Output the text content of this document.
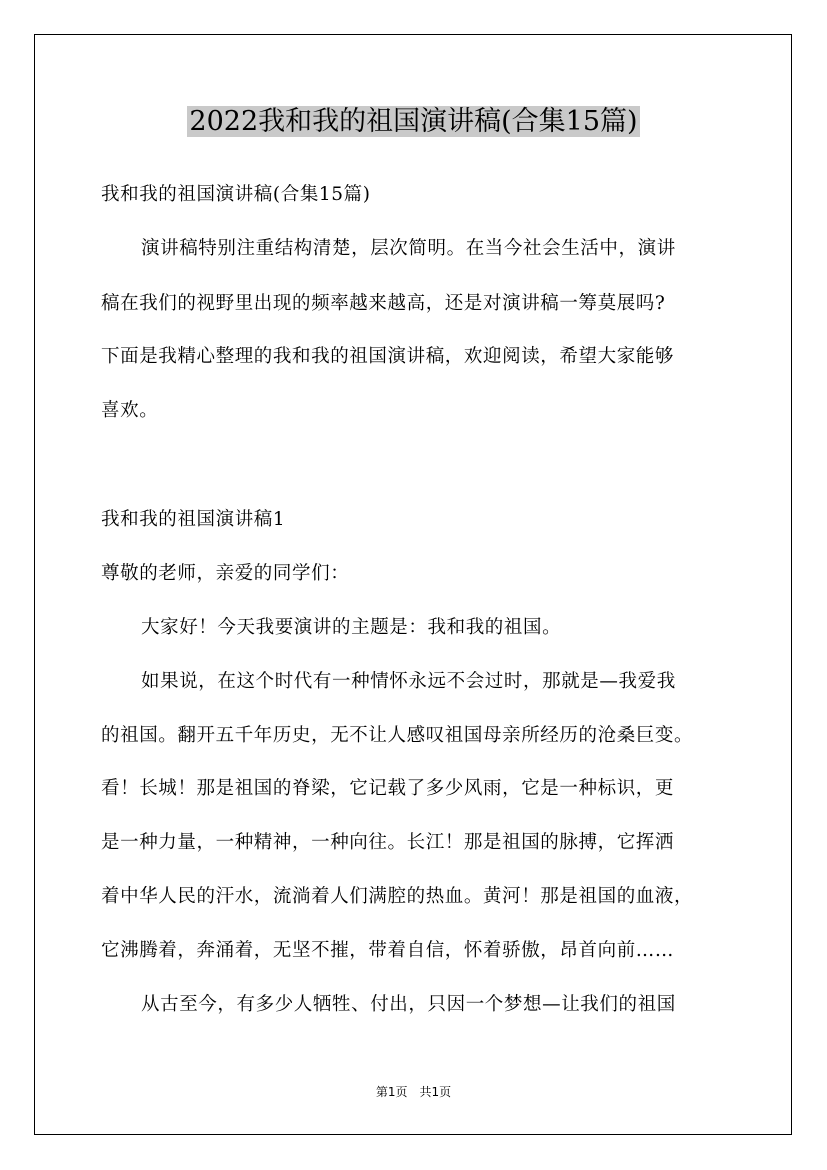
2022我和我的祖国演讲稿(合集15篇)
我和我的祖国演讲稿(合集15篇)
演讲稿特别注重结构清楚，层次简明。在当今社会生活中，演讲
稿在我们的视野里出现的频率越来越高，还是对演讲稿一筹莫展吗?
下面是我精心整理的我和我的祖国演讲稿，欢迎阅读，希望大家能够
喜欢。
我和我的祖国演讲稿1
尊敬的老师，亲爱的同学们：
大家好！今天我要演讲的主题是：我和我的祖国。
如果说，在这个时代有一种情怀永远不会过时，那就是—我爱我
的祖国。翻开五千年历史，无不让人感叹祖国母亲所经历的沧桑巨变。
看！长城！那是祖国的脊梁，它记载了多少风雨，它是一种标识，更
是一种力量，一种精神，一种向往。长江！那是祖国的脉搏，它挥洒
着中华人民的汗水，流淌着人们满腔的热血。黄河！那是祖国的血液，
它沸腾着，奔涌着，无坚不摧，带着自信，怀着骄傲，昂首向前……
从古至今，有多少人牺牲、付出，只因一个梦想—让我们的祖国
第1页　共1页
